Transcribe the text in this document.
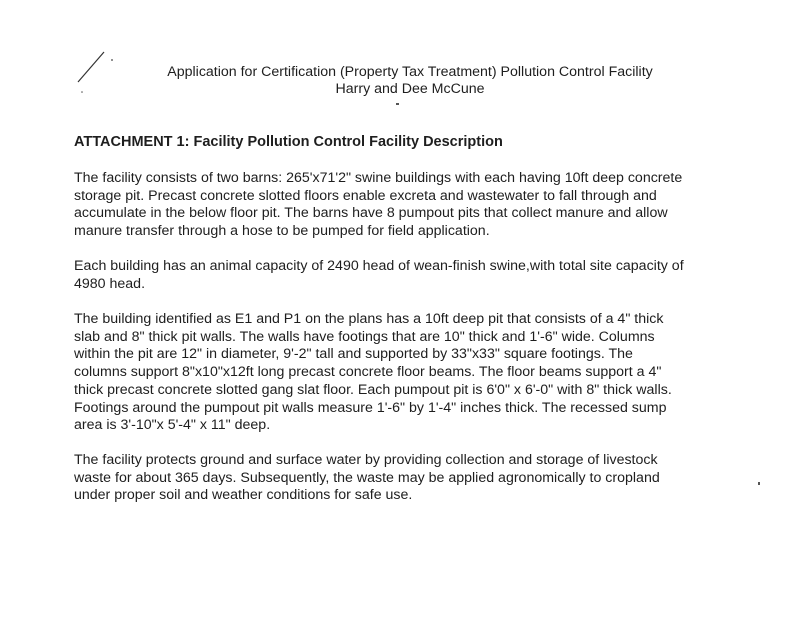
Application for Certification (Property Tax Treatment) Pollution Control Facility
Harry and Dee McCune
ATTACHMENT 1: Facility Pollution Control Facility Description
The facility consists of two barns: 265'x71'2" swine buildings with each having 10ft deep concrete
storage pit. Precast concrete slotted floors enable excreta and wastewater to fall through and
accumulate in the below floor pit. The barns have 8 pumpout pits that collect manure and allow
manure transfer through a hose to be pumped for field application.
Each building has an animal capacity of 2490 head of wean-finish swine,with total site capacity of
4980 head.
The building identified as E1 and P1 on the plans has a 10ft deep pit that consists of a 4" thick
slab and 8" thick pit walls. The walls have footings that are 10" thick and 1'-6" wide. Columns
within the pit are 12" in diameter, 9'-2" tall and supported by 33"x33" square footings. The
columns support 8"x10"x12ft long precast concrete floor beams. The floor beams support a 4"
thick precast concrete slotted gang slat floor. Each pumpout pit is 6'0" x 6'-0" with 8" thick walls.
Footings around the pumpout pit walls measure 1'-6" by 1'-4" inches thick. The recessed sump
area is 3'-10"x 5'-4" x 11" deep.
The facility protects ground and surface water by providing collection and storage of livestock
waste for about 365 days. Subsequently, the waste may be applied agronomically to cropland
under proper soil and weather conditions for safe use.
